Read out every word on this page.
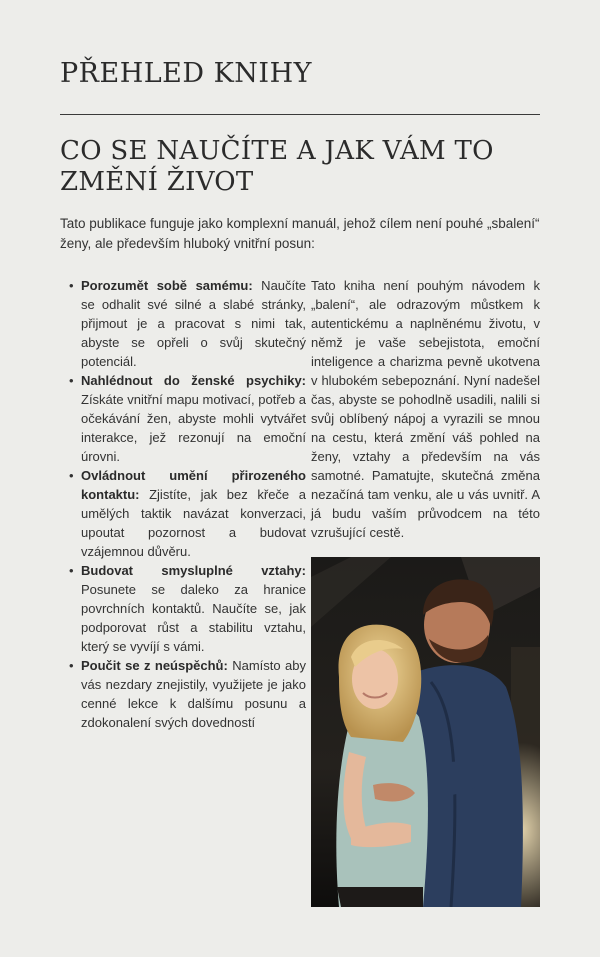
PŘEHLED KNIHY
CO SE NAUČÍTE A JAK VÁM TO ZMĚNÍ ŽIVOT

Tato publikace funguje jako komplexní manuál, jehož cílem není pouhé „sbalení“ ženy, ale především hluboký vnitřní posun:

• Porozumět sobě samému: Naučíte se odhalit své silné a slabé stránky, přijmout je a pracovat s nimi tak, abyste se opřeli o svůj skutečný potenciál.
• Nahlédnout do ženské psychiky: Získáte vnitřní mapu motivací, potřeb a očekávání žen, abyste mohli vytvářet interakce, jež rezonují na emoční úrovni.
• Ovládnout umění přirozeného kontaktu: Zjistíte, jak bez křeče a umělých taktik navázat konverzaci, upoutat pozornost a budovat vzájemnou důvěru.
• Budovat smysluplné vztahy: Posunete se daleko za hranice povrchních kontaktů. Naučíte se, jak podporovat růst a stabilitu vztahu, který se vyvíjí s vámi.
• Poučit se z neúspěchů: Namísto aby vás nezdary znejistily, využijete je jako cenné lekce k dalšímu posunu a zdokonalení svých dovedností

Tato kniha není pouhým návodem k „balení“, ale odrazovým můstkem k autentickému a naplněnému životu, v němž je vaše sebejistota, emoční inteligence a charizma pevně ukotvena v hlubokém sebepoznání. Nyní nadešel čas, abyste se pohodlně usadili, nalili si svůj oblíbený nápoj a vyrazili se mnou na cestu, která změní váš pohled na ženy, vztahy a především na vás samotné. Pamatujte, skutečná změna nezačíná tam venku, ale u vás uvnitř. A já budu vaším průvodcem na této vzrušující cestě.
